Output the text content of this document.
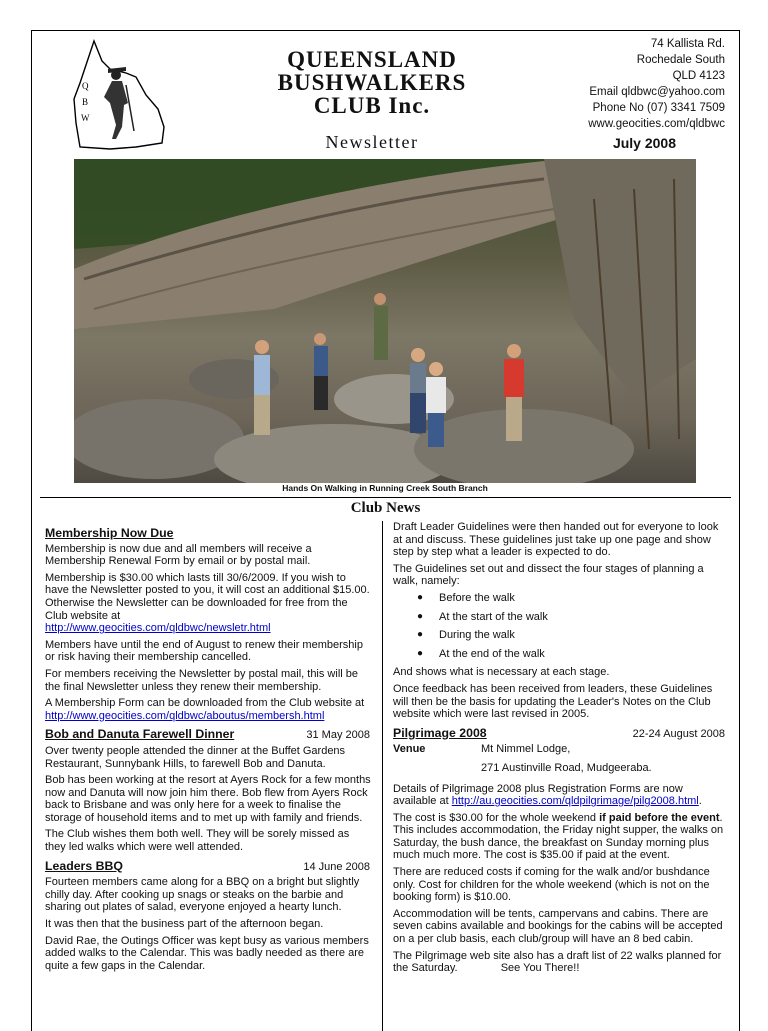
Q
B
W
QUEENSLAND
BUSHWALKERS
CLUB Inc.
Newsletter
74 Kallista Rd.
Rochedale South
QLD 4123
Email qldbwc@yahoo.com
Phone No (07) 3341 7509
www.geocities.com/qldbwc
July 2008
Hands On Walking in Running Creek South Branch
Club News
Membership Now Due

Membership is now due and all members will receive a Membership Renewal Form by email or by postal mail.

Membership is $30.00 which lasts till 30/6/2009. If you wish to have the Newsletter posted to you, it will cost an additional $15.00. Otherwise the Newsletter can be downloaded for free from the Club website at
http://www.geocities.com/qldbwc/newsletr.html

Members have until the end of August to renew their membership or risk having their membership cancelled.

For members receiving the Newsletter by postal mail, this will be the final Newsletter unless they renew their membership.

A Membership Form can be downloaded from the Club website at http://www.geocities.com/qldbwc/aboutus/membersh.html

Bob and Danuta Farewell Dinner	31 May 2008

Over twenty people attended the dinner at the Buffet Gardens Restaurant, Sunnybank Hills, to farewell Bob and Danuta.

Bob has been working at the resort at Ayers Rock for a few months now and Danuta will now join him there. Bob flew from Ayers Rock back to Brisbane and was only here for a week to finalise the storage of household items and to met up with family and friends.

The Club wishes them both well. They will be sorely missed as they led walks which were well attended.

Leaders BBQ	14 June 2008

Fourteen members came along for a BBQ on a bright but slightly chilly day. After cooking up snags or steaks on the barbie and sharing out plates of salad, everyone enjoyed a hearty lunch.

It was then that the business part of the afternoon began.

David Rae, the Outings Officer was kept busy as various members added walks to the Calendar. This was badly needed as there are quite a few gaps in the Calendar.

Draft Leader Guidelines were then handed out for everyone to look at and discuss. These guidelines just take up one page and show step by step what a leader is expected to do.

The Guidelines set out and dissect the four stages of planning a walk, namely:

● Before the walk
● At the start of the walk
● During the walk
● At the end of the walk

And shows what is necessary at each stage.

Once feedback has been received from leaders, these Guidelines will then be the basis for updating the Leader's Notes on the Club website which were last revised in 2005.

Pilgrimage 2008	22-24 August 2008
Venue	Mt Nimmel Lodge,
271 Austinville Road, Mudgeeraba.

Details of Pilgrimage 2008 plus Registration Forms are now available at http://au.geocities.com/qldpilgrimage/pilg2008.html.

The cost is $30.00 for the whole weekend if paid before the event. This includes accommodation, the Friday night supper, the walks on Saturday, the bush dance, the breakfast on Sunday morning plus much much more. The cost is $35.00 if paid at the event.

There are reduced costs if coming for the walk and/or bushdance only. Cost for children for the whole weekend (which is not on the booking form) is $10.00.

Accommodation will be tents, campervans and cabins. There are seven cabins available and bookings for the cabins will be accepted on a per club basis, each club/group will have an 8 bed cabin.

The Pilgrimage web site also has a draft list of 22 walks planned for the Saturday.	See You There!!
